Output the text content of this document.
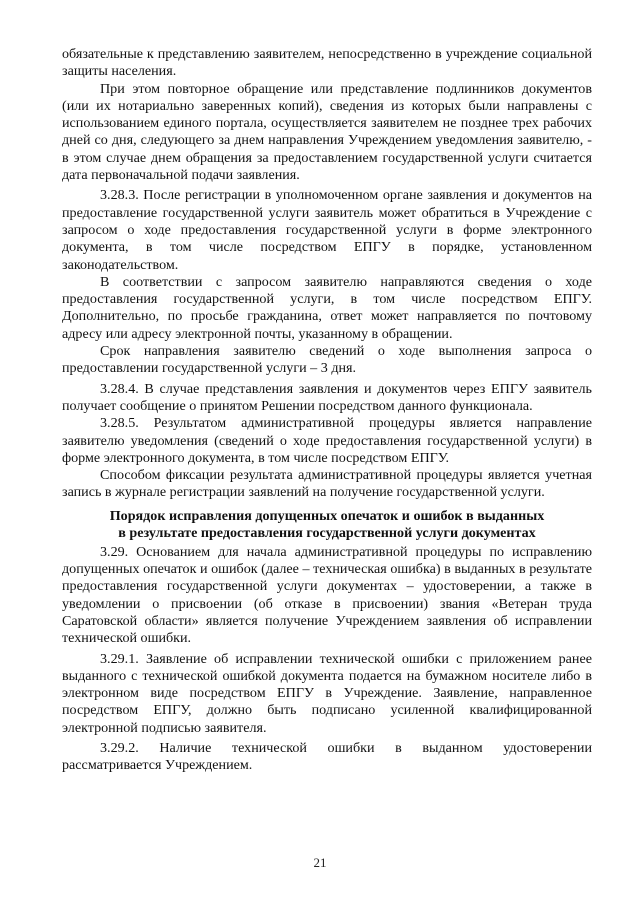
обязательные к представлению заявителем, непосредственно в учреждение социальной защиты населения.

При этом повторное обращение или представление подлинников документов (или их нотариально заверенных копий), сведения из которых были направлены с использованием единого портала, осуществляется заявителем не позднее трех рабочих дней со дня, следующего за днем направления Учреждением уведомления заявителю, - в этом случае днем обращения за предоставлением государственной услуги считается дата первоначальной подачи заявления.

3.28.3. После регистрации в уполномоченном органе заявления и документов на предоставление государственной услуги заявитель может обратиться в Учреждение с запросом о ходе предоставления государственной услуги в форме электронного документа, в том числе посредством ЕПГУ в порядке, установленном законодательством.

В соответствии с запросом заявителю направляются сведения о ходе предоставления государственной услуги, в том числе посредством ЕПГУ. Дополнительно, по просьбе гражданина, ответ может направляется по почтовому адресу или адресу электронной почты, указанному в обращении.

Срок направления заявителю сведений о ходе выполнения запроса о предоставлении государственной услуги – 3 дня.

3.28.4. В случае представления заявления и документов через ЕПГУ заявитель получает сообщение о принятом Решении посредством данного функционала.

3.28.5. Результатом административной процедуры является направление заявителю уведомления (сведений о ходе предоставления государственной услуги) в форме электронного документа, в том числе посредством ЕПГУ.

Способом фиксации результата административной процедуры является учетная запись в журнале регистрации заявлений на получение государственной услуги.

Порядок исправления допущенных опечаток и ошибок в выданных
в результате предоставления государственной услуги документах

3.29. Основанием для начала административной процедуры по исправлению допущенных опечаток и ошибок (далее – техническая ошибка) в выданных в результате предоставления государственной услуги документах – удостоверении, а также в уведомлении о присвоении (об отказе в присвоении) звания «Ветеран труда Саратовской области» является получение Учреждением заявления об исправлении технической ошибки.

3.29.1. Заявление об исправлении технической ошибки с приложением ранее выданного с технической ошибкой документа подается на бумажном носителе либо в электронном виде посредством ЕПГУ в Учреждение. Заявление, направленное посредством ЕПГУ, должно быть подписано усиленной квалифицированной электронной подписью заявителя.

3.29.2. Наличие технической ошибки в выданном удостоверении рассматривается Учреждением.

21
